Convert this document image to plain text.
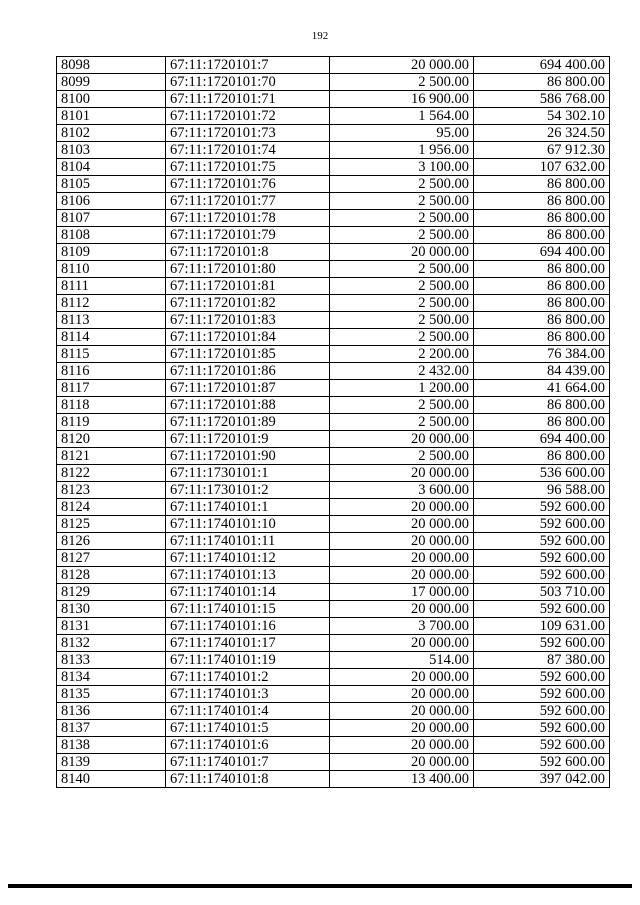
192
8098	67:11:1720101:7	20 000.00	694 400.00
8099	67:11:1720101:70	2 500.00	86 800.00
8100	67:11:1720101:71	16 900.00	586 768.00
8101	67:11:1720101:72	1 564.00	54 302.10
8102	67:11:1720101:73	95.00	26 324.50
8103	67:11:1720101:74	1 956.00	67 912.30
8104	67:11:1720101:75	3 100.00	107 632.00
8105	67:11:1720101:76	2 500.00	86 800.00
8106	67:11:1720101:77	2 500.00	86 800.00
8107	67:11:1720101:78	2 500.00	86 800.00
8108	67:11:1720101:79	2 500.00	86 800.00
8109	67:11:1720101:8	20 000.00	694 400.00
8110	67:11:1720101:80	2 500.00	86 800.00
8111	67:11:1720101:81	2 500.00	86 800.00
8112	67:11:1720101:82	2 500.00	86 800.00
8113	67:11:1720101:83	2 500.00	86 800.00
8114	67:11:1720101:84	2 500.00	86 800.00
8115	67:11:1720101:85	2 200.00	76 384.00
8116	67:11:1720101:86	2 432.00	84 439.00
8117	67:11:1720101:87	1 200.00	41 664.00
8118	67:11:1720101:88	2 500.00	86 800.00
8119	67:11:1720101:89	2 500.00	86 800.00
8120	67:11:1720101:9	20 000.00	694 400.00
8121	67:11:1720101:90	2 500.00	86 800.00
8122	67:11:1730101:1	20 000.00	536 600.00
8123	67:11:1730101:2	3 600.00	96 588.00
8124	67:11:1740101:1	20 000.00	592 600.00
8125	67:11:1740101:10	20 000.00	592 600.00
8126	67:11:1740101:11	20 000.00	592 600.00
8127	67:11:1740101:12	20 000.00	592 600.00
8128	67:11:1740101:13	20 000.00	592 600.00
8129	67:11:1740101:14	17 000.00	503 710.00
8130	67:11:1740101:15	20 000.00	592 600.00
8131	67:11:1740101:16	3 700.00	109 631.00
8132	67:11:1740101:17	20 000.00	592 600.00
8133	67:11:1740101:19	514.00	87 380.00
8134	67:11:1740101:2	20 000.00	592 600.00
8135	67:11:1740101:3	20 000.00	592 600.00
8136	67:11:1740101:4	20 000.00	592 600.00
8137	67:11:1740101:5	20 000.00	592 600.00
8138	67:11:1740101:6	20 000.00	592 600.00
8139	67:11:1740101:7	20 000.00	592 600.00
8140	67:11:1740101:8	13 400.00	397 042.00
